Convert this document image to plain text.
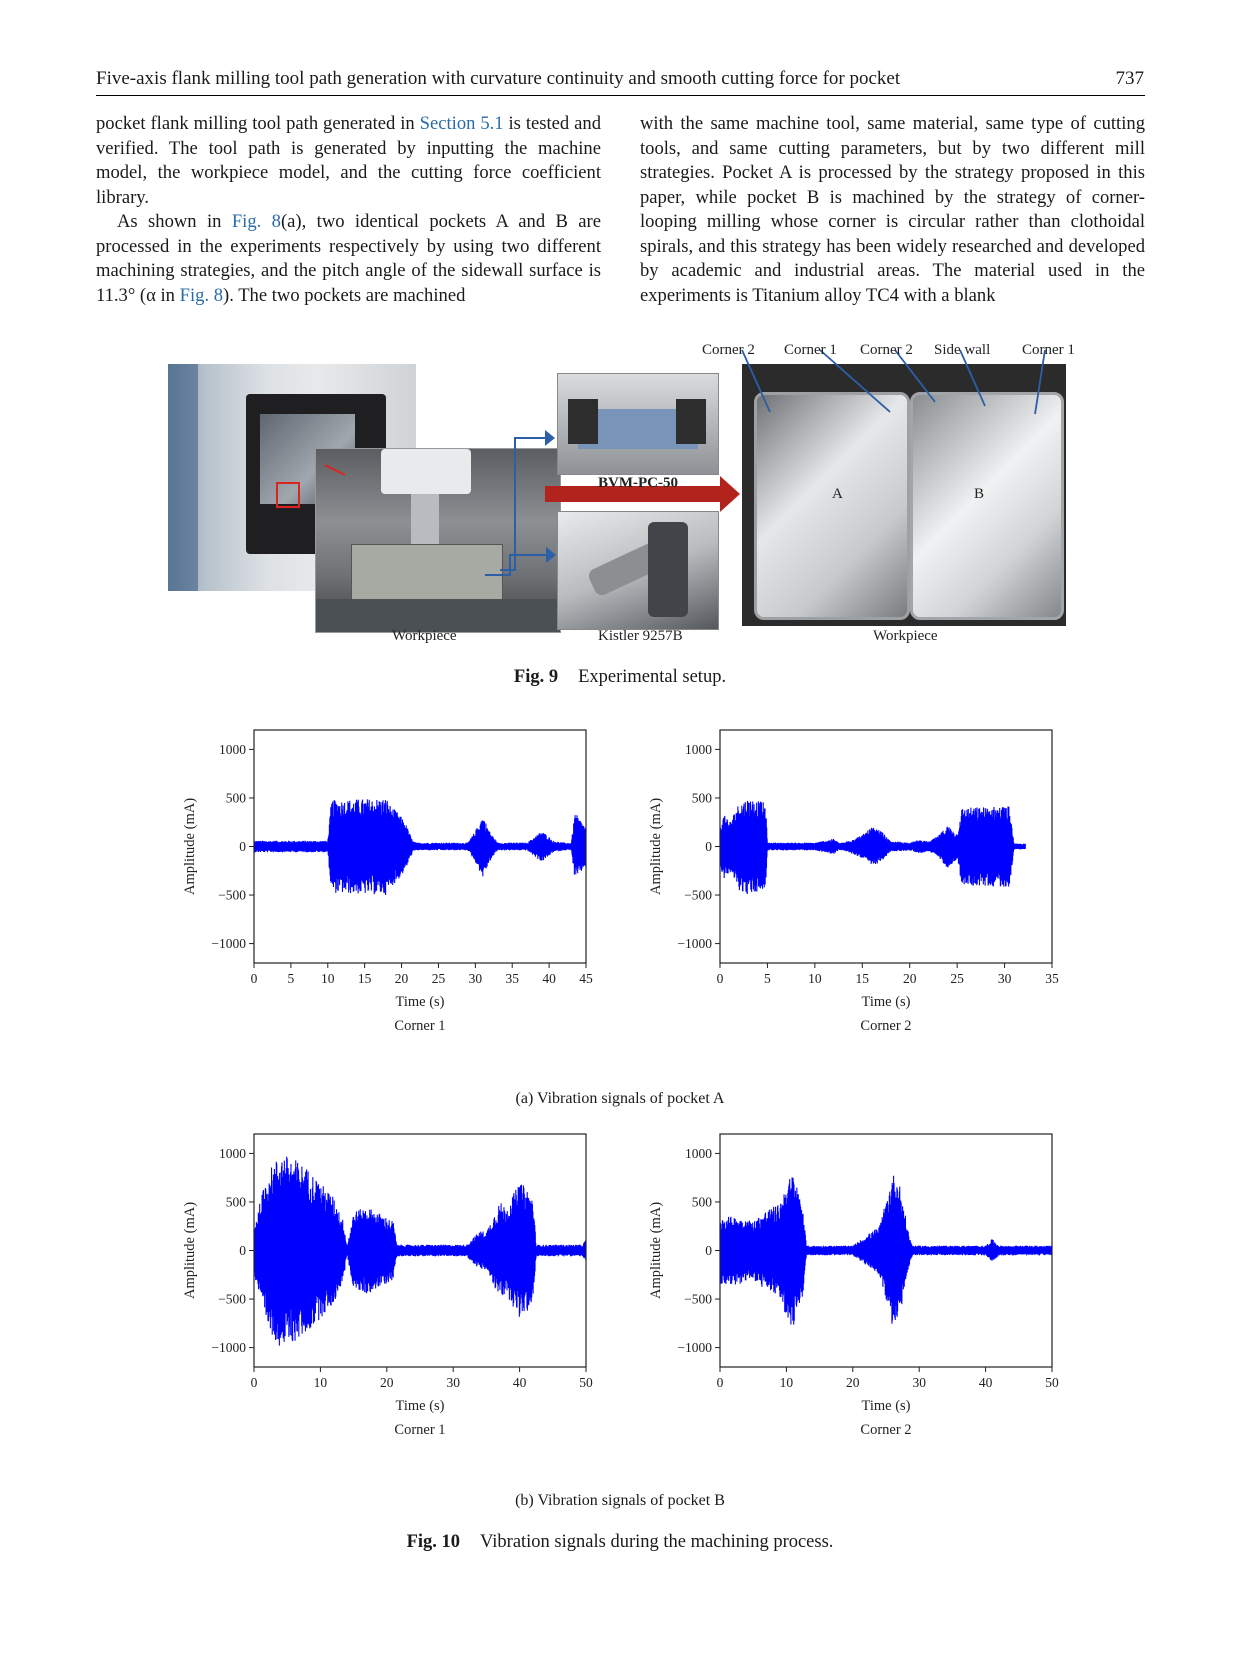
Five-axis flank milling tool path generation with curvature continuity and smooth cutting force for pocket	737

pocket flank milling tool path generated in Section 5.1 is tested and verified. The tool path is generated by inputting the machine model, the workpiece model, and the cutting force coefficient library.

As shown in Fig. 8(a), two identical pockets A and B are processed in the experiments respectively by using two different machining strategies, and the pitch angle of the sidewall surface is 11.3° (α in Fig. 8). The two pockets are machined

with the same machine tool, same material, same type of cutting tools, and same cutting parameters, but by two different mill strategies. Pocket A is processed by the strategy proposed in this paper, while pocket B is machined by the strategy of corner-looping milling whose corner is circular rather than clothoidal spirals, and this strategy has been widely researched and developed by academic and industrial areas. The material used in the experiments is Titanium alloy TC4 with a blank

BVM-PC-50
A	B
Corner 2 Corner 1 Corner 2 Side wall Corner 1
Kistler 9257B
Workpiece	Workpiece
Fig. 9 Experimental setup.
0 5 10 15 20 25 30 35 40 45
−1000
−500
0
500
1000
Time (s)
Corner 1
Amplitude (mA)
0	5	10	15	20	25	30	35
−1000
−500
0
500
1000
Time (s)
Corner 2
Amplitude (mA)
0	10	20	30	40	50
−1000
−500
0
500
1000
Time (s)
Corner 1
Amplitude (mA)
0	10	20	30	40	50
−1000
−500
0
500
1000
Time (s)
Corner 2
Amplitude (mA)
(a) Vibration signals of pocket A
(b) Vibration signals of pocket B
Fig. 10 Vibration signals during the machining process.
